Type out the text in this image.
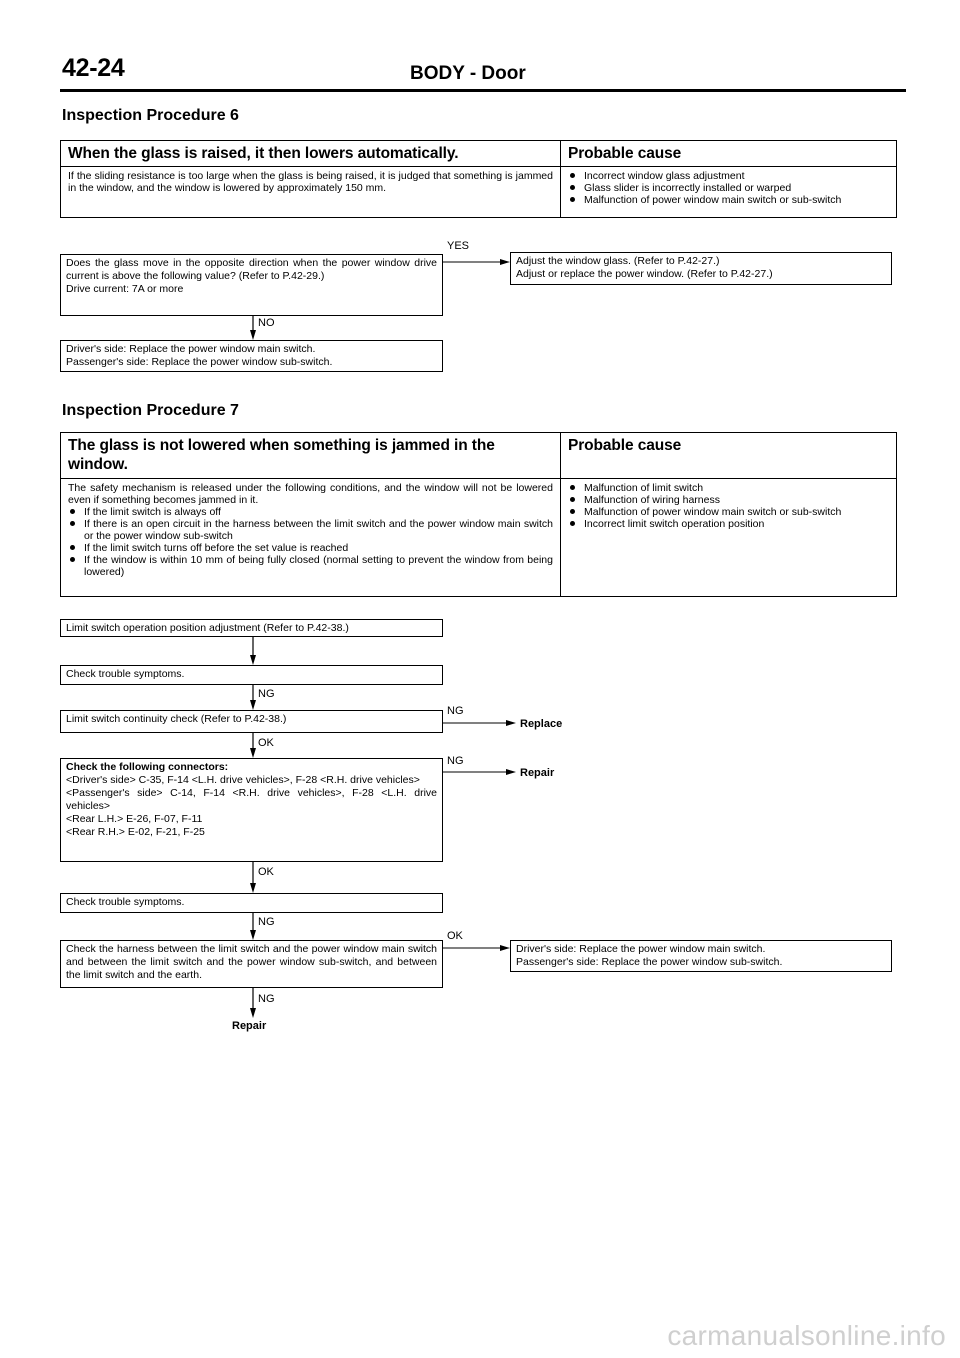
42-24	BODY - Door
Inspection Procedure 6
When the glass is raised, it then lowers automatically.	Probable cause
If the sliding resistance is too large when the glass is being raised, it is judged that something is jammed in the window, and the window is lowered by approximately 150 mm.
Incorrect window glass adjustment
Glass slider is incorrectly installed or warped
Malfunction of power window main switch or sub-switch
Does the glass move in the opposite direction when the power window drive current is above the following value? (Refer to P.42-29.)
Drive current: 7A or more
YES
Adjust the window glass. (Refer to P.42-27.)
Adjust or replace the power window. (Refer to P.42-27.)
NO
Driver's side: Replace the power window main switch.
Passenger's side: Replace the power window sub-switch.
Inspection Procedure 7
The glass is not lowered when something is jammed in the window.
Probable cause
The safety mechanism is released under the following conditions, and the window will not be lowered even if something becomes jammed in it.
If the limit switch is always off
If there is an open circuit in the harness between the limit switch and the power window main switch or the power window sub-switch
If the limit switch turns off before the set value is reached
If the window is within 10 mm of being fully closed (normal setting to prevent the window from being lowered)
Malfunction of limit switch
Malfunction of wiring harness
Malfunction of power window main switch or sub-switch
Incorrect limit switch operation position
Limit switch operation position adjustment (Refer to P.42-38.)
Check trouble symptoms.
NG
Limit switch continuity check (Refer to P.42-38.)
NG
Replace
OK
Check the following connectors:
<Driver's side> C-35, F-14 <L.H. drive vehicles>, F-28 <R.H. drive vehicles>
<Passenger's side> C-14, F-14 <R.H. drive vehicles>, F-28 <L.H. drive vehicles>
<Rear L.H.> E-26, F-07, F-11
<Rear R.H.> E-02, F-21, F-25
NG
Repair
OK
Check trouble symptoms.
NG
Check the harness between the limit switch and the power window main switch and between the limit switch and the power window sub-switch, and between the limit switch and the earth.
OK
Driver's side: Replace the power window main switch.
Passenger's side: Replace the power window sub-switch.
NG
Repair
carmanualsonline.info
